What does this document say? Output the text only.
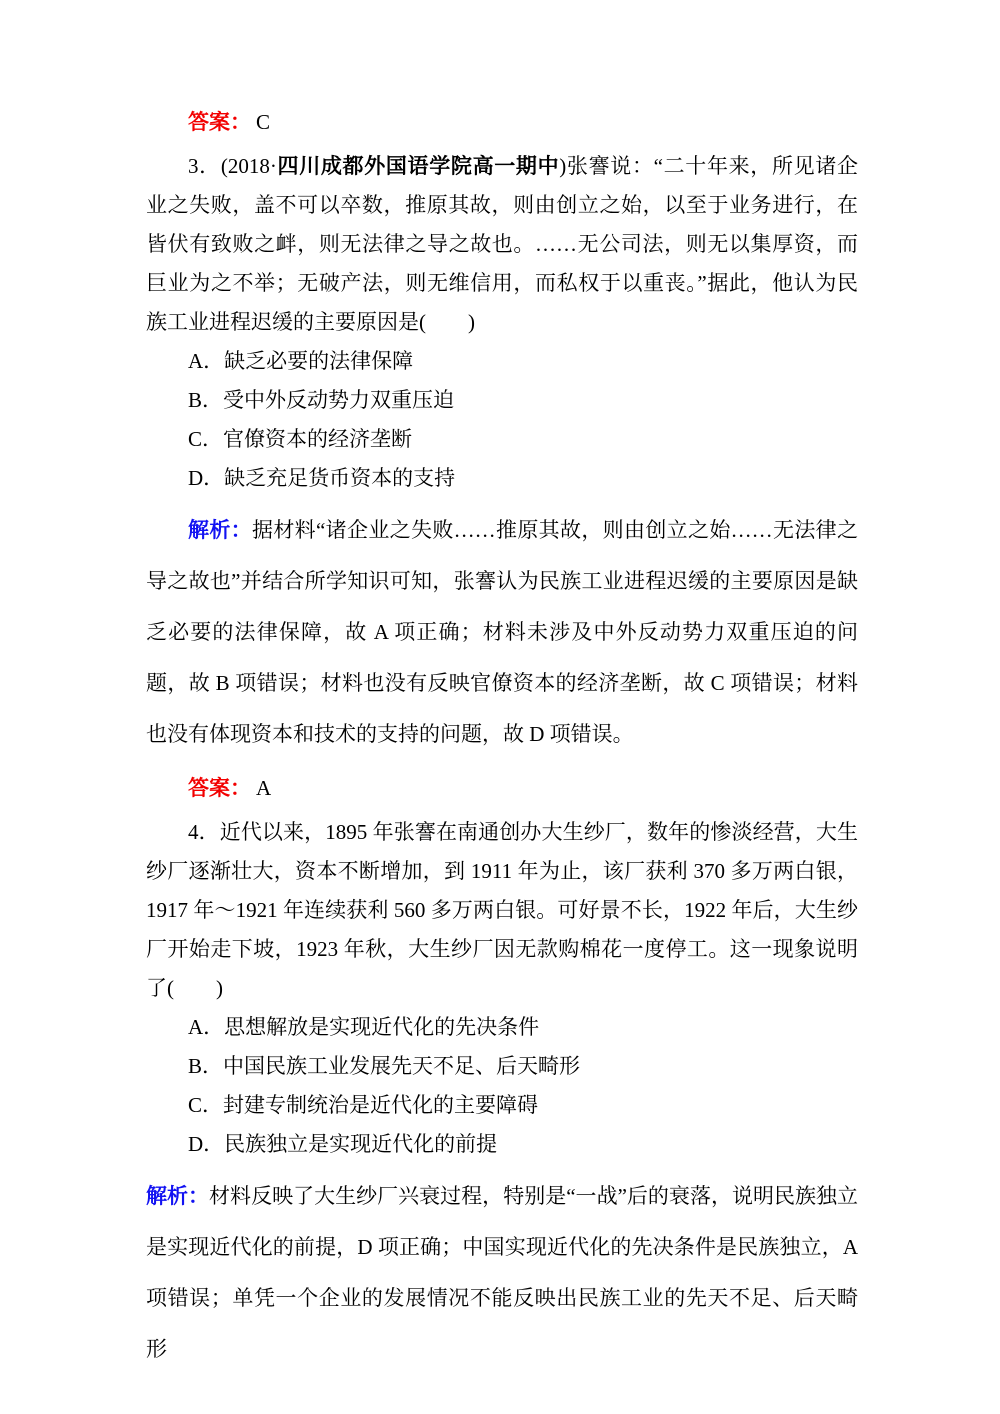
答案： C

3．(2018·四川成都外国语学院高一期中)张謇说：“二十年来，所见诸企业之失败，盖不可以卒数，推原其故，则由创立之始，以至于业务进行，在皆伏有致败之衅，则无法律之导之故也。……无公司法，则无以集厚资，而巨业为之不举；无破产法，则无维信用，而私权于以重丧。”据此，他认为民族工业进程迟缓的主要原因是(　　)

A．缺乏必要的法律保障

B．受中外反动势力双重压迫

C．官僚资本的经济垄断

D．缺乏充足货币资本的支持

解析：据材料“诸企业之失败……推原其故，则由创立之始……无法律之导之故也”并结合所学知识可知，张謇认为民族工业进程迟缓的主要原因是缺乏必要的法律保障，故 A 项正确；材料未涉及中外反动势力双重压迫的问题，故 B 项错误；材料也没有反映官僚资本的经济垄断，故 C 项错误；材料也没有体现资本和技术的支持的问题，故 D 项错误。

答案： A

4．近代以来，1895 年张謇在南通创办大生纱厂，数年的惨淡经营，大生纱厂逐渐壮大，资本不断增加，到 1911 年为止，该厂获利 370 多万两白银，1917 年～1921 年连续获利 560 多万两白银。可好景不长，1922 年后，大生纱厂开始走下坡，1923 年秋，大生纱厂因无款购棉花一度停工。这一现象说明了(　　)

A．思想解放是实现近代化的先决条件

B．中国民族工业发展先天不足、后天畸形

C．封建专制统治是近代化的主要障碍

D．民族独立是实现近代化的前提

解析：材料反映了大生纱厂兴衰过程，特别是“一战”后的衰落，说明民族独立是实现近代化的前提，D 项正确；中国实现近代化的先决条件是民族独立，A 项错误；单凭一个企业的发展情况不能反映出民族工业的先天不足、后天畸形
